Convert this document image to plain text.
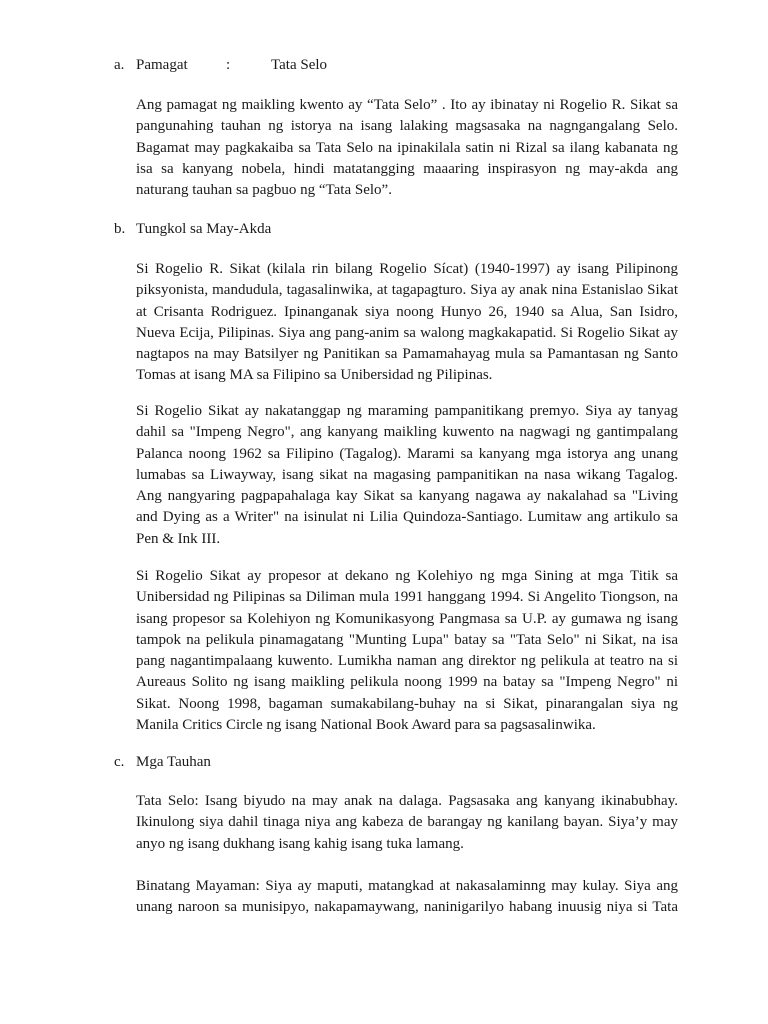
a. Pamagat	:	Tata Selo

Ang pamagat ng maikling kwento ay “Tata Selo” . Ito ay ibinatay ni Rogelio R. Sikat sa pangunahing tauhan ng istorya na isang lalaking magsasaka na nagngangalang Selo. Bagamat may pagkakaiba sa Tata Selo na ipinakilala satin ni Rizal sa ilang kabanata ng isa sa kanyang nobela, hindi matatangging maaaring inspirasyon ng may-akda ang naturang tauhan sa pagbuo ng “Tata Selo”.

b. Tungkol sa May-Akda

Si Rogelio R. Sikat (kilala rin bilang Rogelio Sícat) (1940-1997) ay isang Pilipinong piksyonista, mandudula, tagasalinwika, at tagapagturo. Siya ay anak nina Estanislao Sikat at Crisanta Rodriguez. Ipinanganak siya noong Hunyo 26, 1940 sa Alua, San Isidro, Nueva Ecija, Pilipinas. Siya ang pang-anim sa walong magkakapatid. Si Rogelio Sikat ay nagtapos na may Batsilyer ng Panitikan sa Pamamahayag mula sa Pamantasan ng Santo Tomas at isang MA sa Filipino sa Unibersidad ng Pilipinas.

Si Rogelio Sikat ay nakatanggap ng maraming pampanitikang premyo. Siya ay tanyag dahil sa "Impeng Negro", ang kanyang maikling kuwento na nagwagi ng gantimpalang Palanca noong 1962 sa Filipino (Tagalog). Marami sa kanyang mga istorya ang unang lumabas sa Liwayway, isang sikat na magasing pampanitikan na nasa wikang Tagalog. Ang nangyaring pagpapahalaga kay Sikat sa kanyang nagawa ay nakalahad sa "Living and Dying as a Writer" na isinulat ni Lilia Quindoza-Santiago. Lumitaw ang artikulo sa Pen & Ink III.

Si Rogelio Sikat ay propesor at dekano ng Kolehiyo ng mga Sining at mga Titik sa Unibersidad ng Pilipinas sa Diliman mula 1991 hanggang 1994. Si Angelito Tiongson, na isang propesor sa Kolehiyon ng Komunikasyong Pangmasa sa U.P. ay gumawa ng isang tampok na pelikula pinamagatang "Munting Lupa" batay sa "Tata Selo" ni Sikat, na isa pang nagantimpalaang kuwento. Lumikha naman ang direktor ng pelikula at teatro na si Aureaus Solito ng isang maikling pelikula noong 1999 na batay sa "Impeng Negro" ni Sikat. Noong 1998, bagaman sumakabilang-buhay na si Sikat, pinarangalan siya ng Manila Critics Circle ng isang National Book Award para sa pagsasalinwika.

c. Mga Tauhan

Tata Selo: Isang biyudo na may anak na dalaga. Pagsasaka ang kanyang ikinabubhay. Ikinulong siya dahil tinaga niya ang kabeza de barangay ng kanilang bayan. Siya’y may anyo ng isang dukhang isang kahig isang tuka lamang.

Binatang Mayaman: Siya ay maputi, matangkad at nakasalaminng may kulay. Siya ang unang naroon sa munisipyo, nakapamaywang, naninigarilyo habang inuusig niya si Tata
